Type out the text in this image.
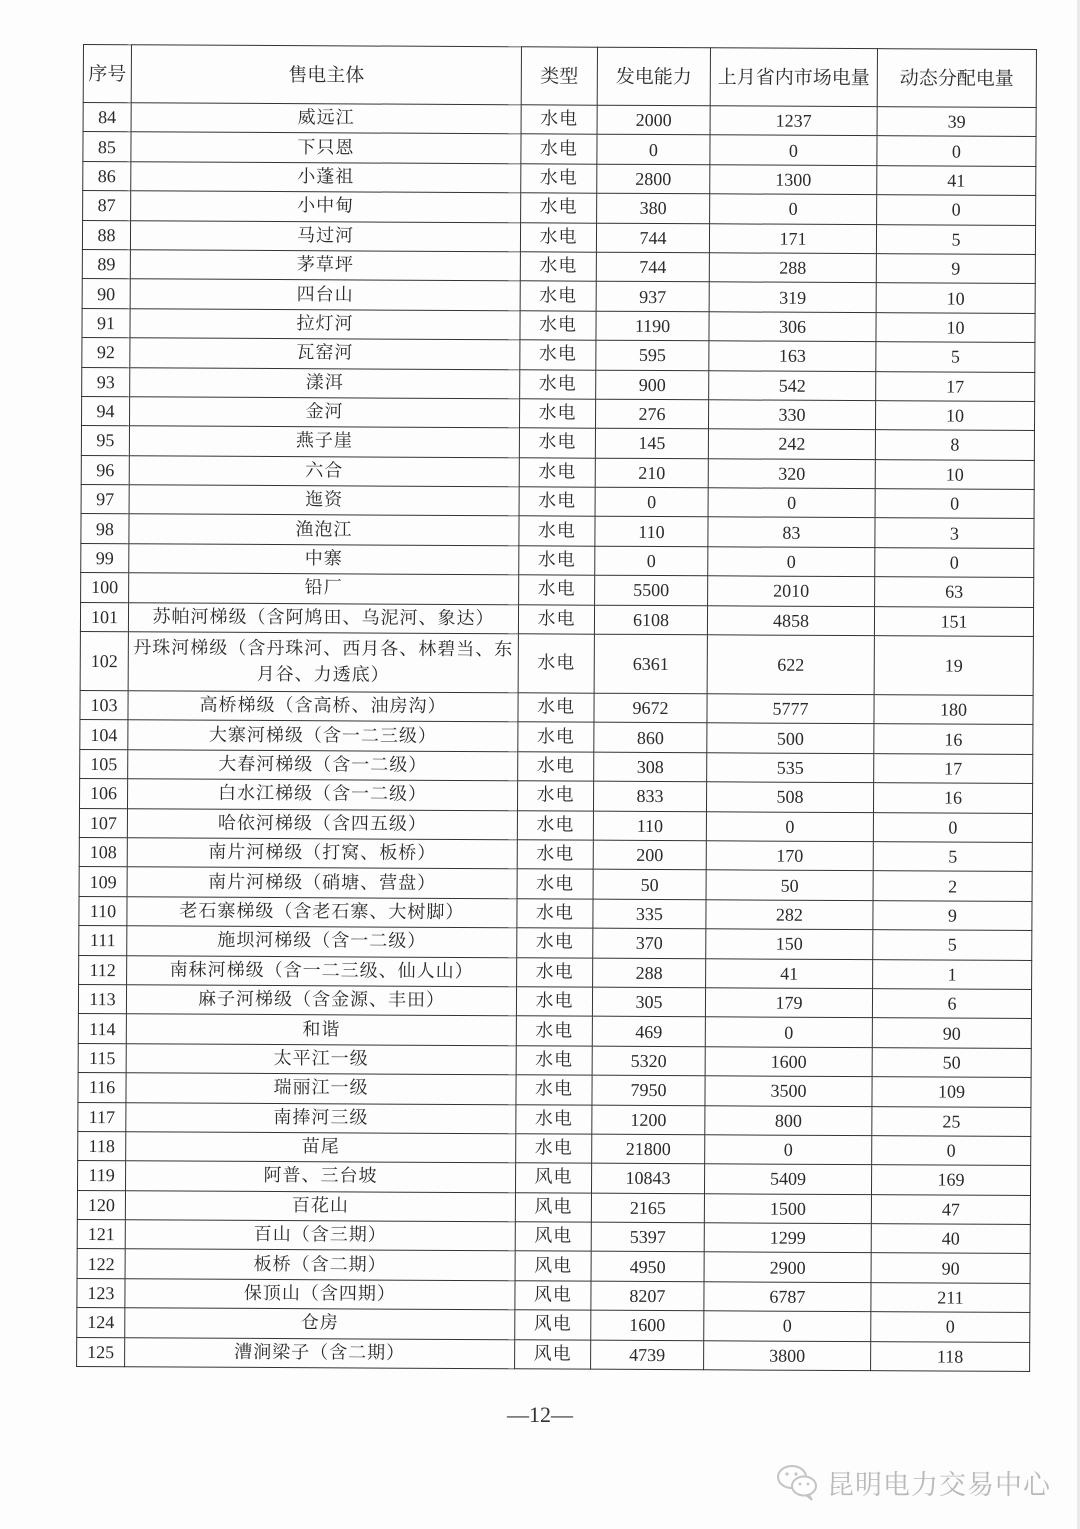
序号	售电主体	类型	发电能力	上月省内市场电量	动态分配电量
84	威远江	水电	2000	1237	39
85	下只恩	水电	0	0	0
86	小蓬祖	水电	2800	1300	41
87	小中甸	水电	380	0	0
88	马过河	水电	744	171	5
89	茅草坪	水电	744	288	9
90	四台山	水电	937	319	10
91	拉灯河	水电	1190	306	10
92	瓦窑河	水电	595	163	5
93	漾洱	水电	900	542	17
94	金河	水电	276	330	10
95	燕子崖	水电	145	242	8
96	六合	水电	210	320	10
97	迤资	水电	0	0	0
98	渔泡江	水电	110	83	3
99	中寨	水电	0	0	0
100	铅厂	水电	5500	2010	63
101	苏帕河梯级（含阿鸠田、乌泥河、象达）	水电	6108	4858	151
102	丹珠河梯级（含丹珠河、西月各、林碧当、东月谷、力透底）	水电	6361	622	19
103	高桥梯级（含高桥、油房沟）	水电	9672	5777	180
104	大寨河梯级（含一二三级）	水电	860	500	16
105	大春河梯级（含一二级）	水电	308	535	17
106	白水江梯级（含一二级）	水电	833	508	16
107	哈依河梯级（含四五级）	水电	110	0	0
108	南片河梯级（打窝、板桥）	水电	200	170	5
109	南片河梯级（硝塘、营盘）	水电	50	50	2
110	老石寨梯级（含老石寨、大树脚）	水电	335	282	9
111	施坝河梯级（含一二级）	水电	370	150	5
112	南秣河梯级（含一二三级、仙人山）	水电	288	41	1
113	麻子河梯级（含金源、丰田）	水电	305	179	6
114	和谐	水电	469	0	90
115	太平江一级	水电	5320	1600	50
116	瑞丽江一级	水电	7950	3500	109
117	南捧河三级	水电	1200	800	25
118	苗尾	水电	21800	0	0
119	阿普、三台坡	风电	10843	5409	169
120	百花山	风电	2165	1500	47
121	百山（含三期）	风电	5397	1299	40
122	板桥（含二期）	风电	4950	2900	90
123	保顶山（含四期）	风电	8207	6787	211
124	仓房	风电	1600	0	0
125	漕涧梁子（含二期）	风电	4739	3800	118
—12—
昆明电力交易中心
